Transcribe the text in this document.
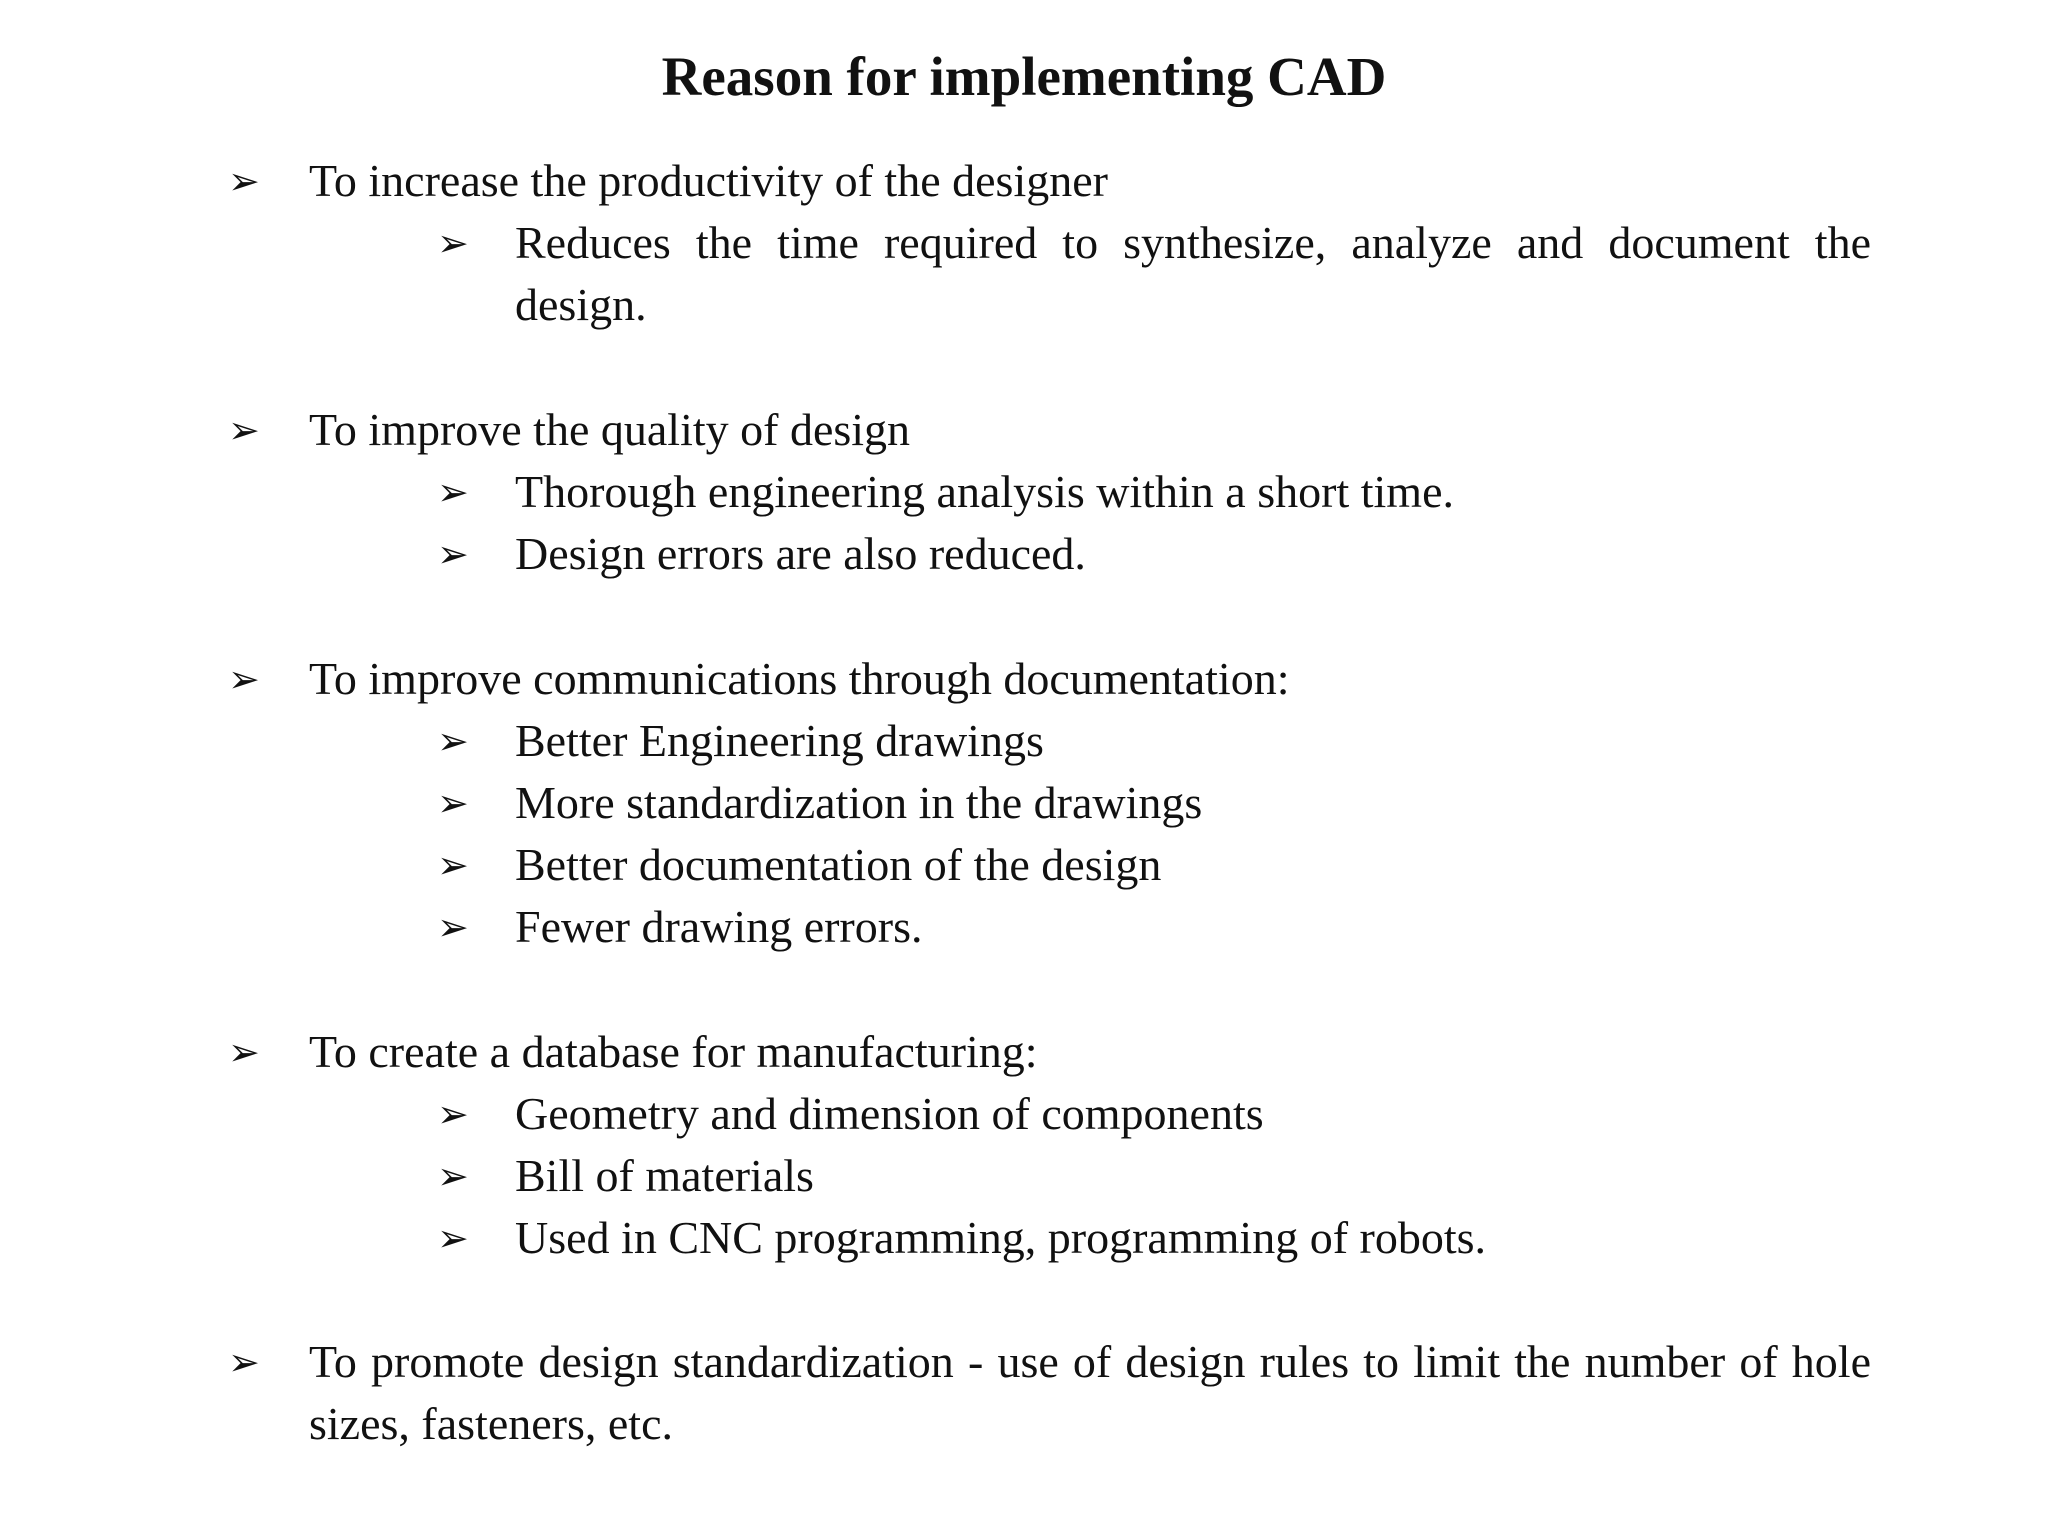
Reason for implementing CAD
➢ To increase the productivity of the designer
➢ Reduces the time required to synthesize, analyze and document the design.
➢ To improve the quality of design
➢ Thorough engineering analysis within a short time.
➢ Design errors are also reduced.
➢ To improve communications through documentation:
➢ Better Engineering drawings
➢ More standardization in the drawings
➢ Better documentation of the design
➢ Fewer drawing errors.
➢ To create a database for manufacturing:
➢ Geometry and dimension of components
➢ Bill of materials
➢ Used in CNC programming, programming of robots.
➢ To promote design standardization - use of design rules to limit the number of hole sizes, fasteners, etc.
